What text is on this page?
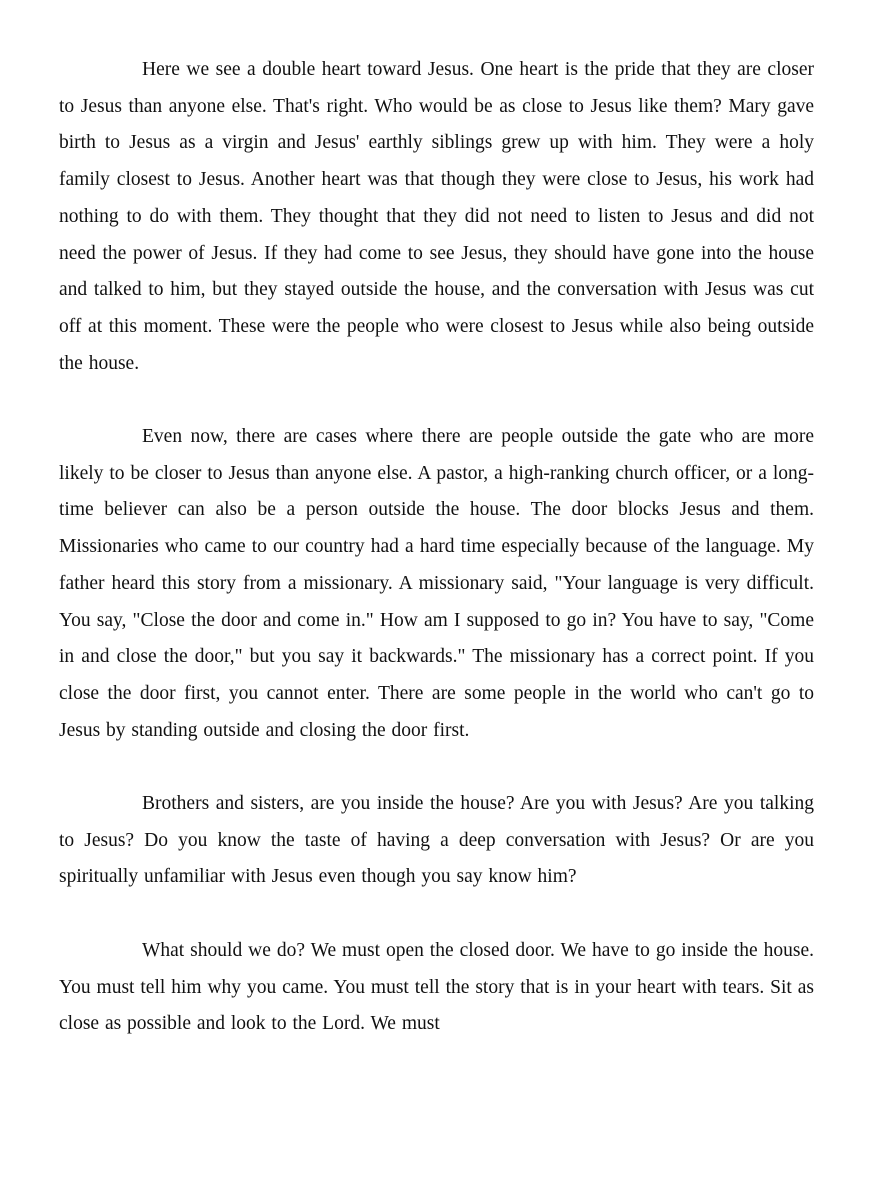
Here we see a double heart toward Jesus. One heart is the pride that they are closer to Jesus than anyone else. That's right. Who would be as close to Jesus like them? Mary gave birth to Jesus as a virgin and Jesus' earthly siblings grew up with him. They were a holy family closest to Jesus. Another heart was that though they were close to Jesus, his work had nothing to do with them. They thought that they did not need to listen to Jesus and did not need the power of Jesus. If they had come to see Jesus, they should have gone into the house and talked to him, but they stayed outside the house, and the conversation with Jesus was cut off at this moment. These were the people who were closest to Jesus while also being outside the house.

Even now, there are cases where there are people outside the gate who are more likely to be closer to Jesus than anyone else. A pastor, a high-ranking church officer, or a long-time believer can also be a person outside the house. The door blocks Jesus and them. Missionaries who came to our country had a hard time especially because of the language. My father heard this story from a missionary. A missionary said, "Your language is very difficult. You say, "Close the door and come in." How am I supposed to go in? You have to say, "Come in and close the door," but you say it backwards." The missionary has a correct point. If you close the door first, you cannot enter. There are some people in the world who can't go to Jesus by standing outside and closing the door first.

Brothers and sisters, are you inside the house? Are you with Jesus? Are you talking to Jesus? Do you know the taste of having a deep conversation with Jesus? Or are you spiritually unfamiliar with Jesus even though you say know him?

What should we do? We must open the closed door. We have to go inside the house. You must tell him why you came. You must tell the story that is in your heart with tears. Sit as close as possible and look to the Lord. We must
